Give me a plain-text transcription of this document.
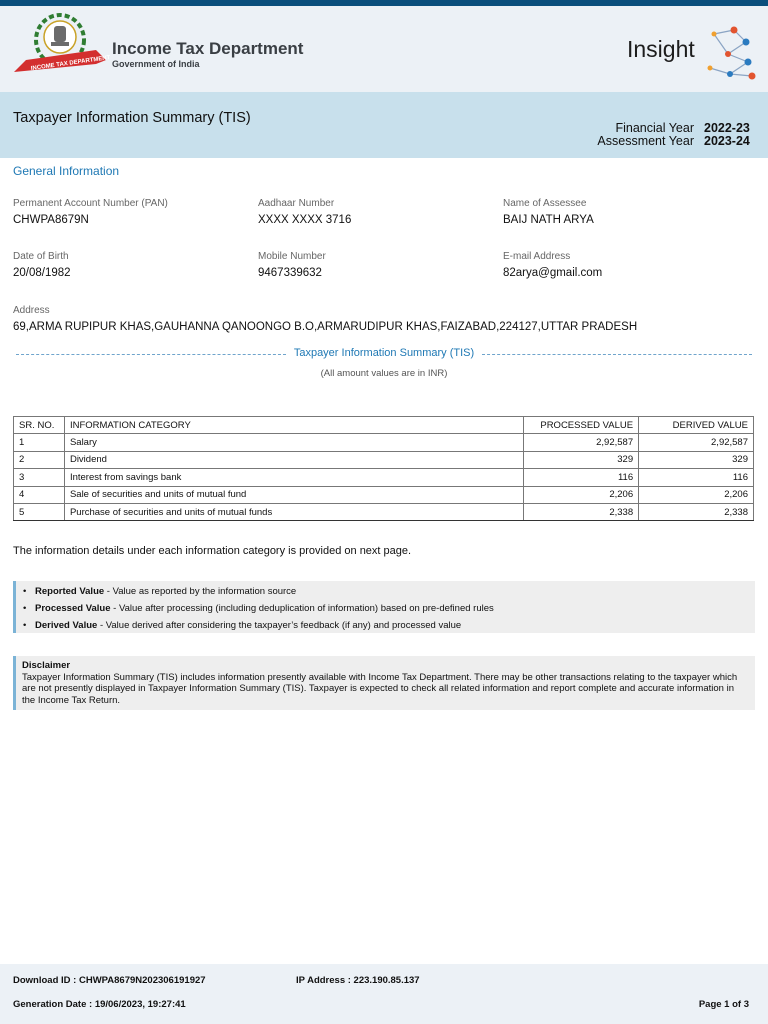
INCOME TAX DEPARTMENT
Income Tax Department
Government of India
Insight
Taxpayer Information Summary (TIS)
Financial Year 2022-23
Assessment Year 2023-24
General Information
Permanent Account Number (PAN)
CHWPA8679N
Aadhaar Number
XXXX XXXX 3716
Name of Assessee
BAIJ NATH ARYA
Date of Birth
20/08/1982
Mobile Number
9467339632
E-mail Address
82arya@gmail.com
Address
69,ARMA RUPIPUR KHAS,GAUHANNA QANOONGO B.O,ARMARUDIPUR KHAS,FAIZABAD,224127,UTTAR PRADESH
Taxpayer Information Summary (TIS)
(All amount values are in INR)
SR. NO.	INFORMATION CATEGORY	PROCESSED VALUE	DERIVED VALUE
1	Salary	2,92,587	2,92,587
2	Dividend	329	329
3	Interest from savings bank	116	116
4	Sale of securities and units of mutual fund	2,206	2,206
5	Purchase of securities and units of mutual funds	2,338	2,338
The information details under each information category is provided on next page.
• Reported Value - Value as reported by the information source
• Processed Value - Value after processing (including deduplication of information) based on pre-defined rules
• Derived Value - Value derived after considering the taxpayer’s feedback (if any) and processed value
Disclaimer
Taxpayer Information Summary (TIS) includes information presently available with Income Tax Department. There may be other transactions relating to the taxpayer which are not presently displayed in Taxpayer Information Summary (TIS). Taxpayer is expected to check all related information and report complete and accurate information in the Income Tax Return.
Download ID : CHWPA8679N202306191927	IP Address : 223.190.85.137
Generation Date : 19/06/2023, 19:27:41	Page 1 of 3
